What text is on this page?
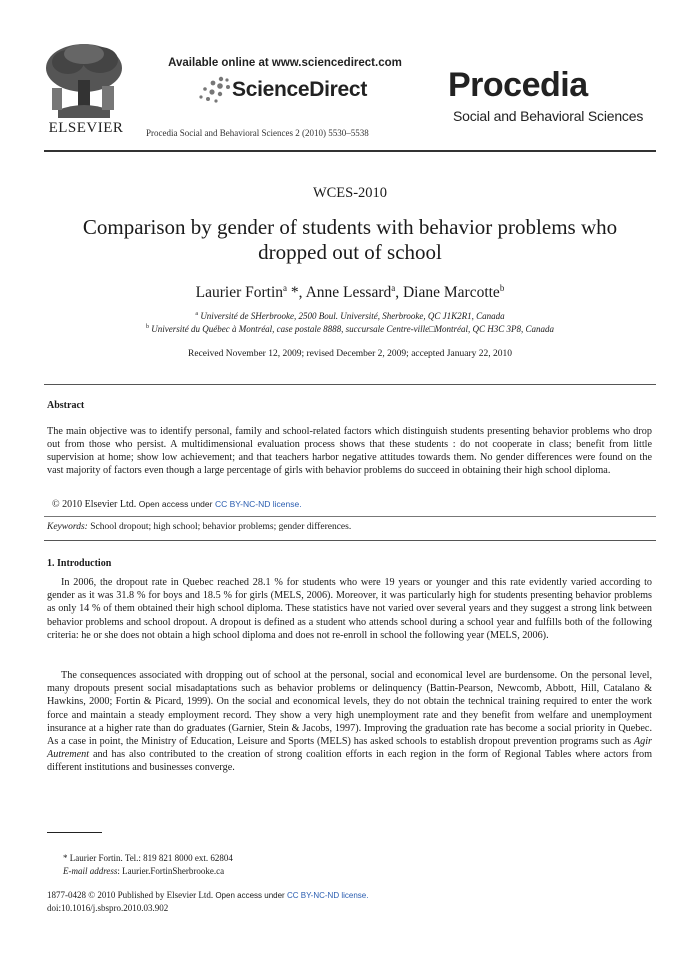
ELSEVIER
Available online at www.sciencedirect.com
ScienceDirect
Procedia Social and Behavioral Sciences 2 (2010) 5530–5538
Procedia
Social and Behavioral Sciences
WCES-2010
Comparison by gender of students with behavior problems who dropped out of school
Laurier Fortin$^a$ *, Anne Lessard$^a$, Diane Marcotte$^b$
$^a$ Université de SHerbrooke, 2500 Boul. Université, Sherbrooke, QC J1K2R1, Canada
$^b$ Université du Québec à Montréal, case postale 8888, succursale Centre-ville□Montréal, QC H3C 3P8, Canada
Received November 12, 2009; revised December 2, 2009; accepted January 22, 2010
Abstract
The main objective was to identify personal, family and school-related factors which distinguish students presenting behavior problems who drop out from those who persist. A multidimensional evaluation process shows that these students : do not cooperate in class; benefit from little supervision at home; show low achievement; and that teachers harbor negative attitudes towards them. No gender differences were found on the vast majority of factors even though a large percentage of girls with behavior problems do succeed in obtaining their high school diploma.
© 2010 Elsevier Ltd. Open access under CC BY-NC-ND license.
Keywords: School dropout; high school; behavior problems; gender differences.
1. Introduction
In 2006, the dropout rate in Quebec reached 28.1 % for students who were 19 years or younger and this rate evidently varied according to gender as it was 31.8 % for boys and 18.5 % for girls (MELS, 2006). Moreover, it was particularly high for students presenting behavior problems as only 14 % of them obtained their high school diploma. These statistics have not varied over several years and they suggest a strong link between behavior problems and school dropout. A dropout is defined as a student who attends school during a school year and fulfills both of the following criteria: he or she does not obtain a high school diploma and does not re-enroll in school the following year (MELS, 2006).
The consequences associated with dropping out of school at the personal, social and economical level are burdensome. On the personal level, many dropouts present social misadaptations such as behavior problems or delinquency (Battin-Pearson, Newcomb, Abbott, Hill, Catalano & Hawkins, 2000; Fortin & Picard, 1999). On the social and economical levels, they do not obtain the technical training required to enter the work force and maintain a steady employment record. They show a very high unemployment rate and they benefit from welfare and unemployment insurance at a higher rate than do graduates (Garnier, Stein & Jacobs, 1997). Improving the graduation rate has become a social priority in Quebec. As a case in point, the Ministry of Education, Leisure and Sports (MELS) has asked schools to establish dropout prevention programs such as Agir Autrement and has also contributed to the creation of strong coalition efforts in each region in the form of Regional Tables where actors from different institutions and businesses converge.
* Laurier Fortin. Tel.: 819 821 8000 ext. 62804
E-mail address: Laurier.FortinSherbrooke.ca
1877-0428 © 2010 Published by Elsevier Ltd. Open access under CC BY-NC-ND license.
doi:10.1016/j.sbspro.2010.03.902
